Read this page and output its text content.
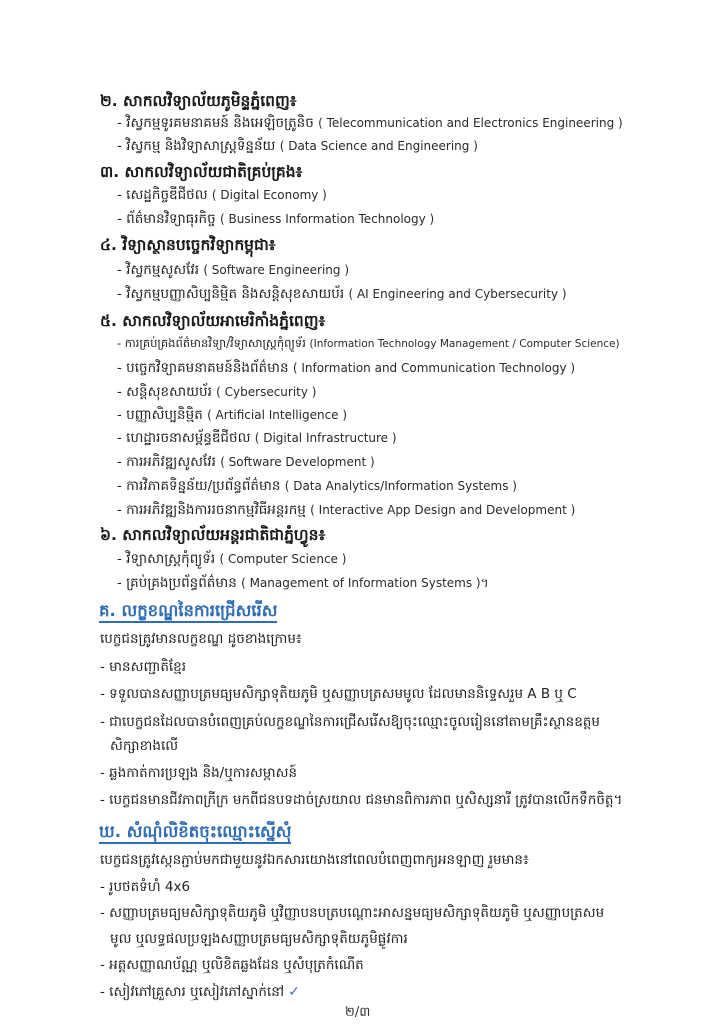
២. សាកលវិទ្យាល័យភូមិន្ទភ្នំពេញ៖
- វិស្វកម្មទូរគមនាគមន៍ និងអេឡិចត្រូនិច ( Telecommunication and Electronics Engineering )
- វិស្វកម្ម និងវិទ្យាសាស្ត្រទិន្នន័យ ( Data Science and Engineering )
៣. សាកលវិទ្យាល័យជាតិគ្រប់គ្រង៖
- សេដ្ឋកិច្ចឌីជីថល ( Digital Economy )
- ព័ត៌មានវិទ្យាធុរកិច្ច ( Business Information Technology )
៤. វិទ្យាស្ថានបច្ចេកវិទ្យាកម្ពុជា៖
- វិស្វកម្មសូសវែរ ( Software Engineering )
- វិស្វកម្មបញ្ញាសិប្បនិម្មិត និងសន្តិសុខសាយប័រ ( AI Engineering and Cybersecurity )
៥. សាកលវិទ្យាល័យអាមេរិកាំងភ្នំពេញ៖
- ការគ្រប់គ្រងព័ត៌មានវិទ្យា/វិទ្យាសាស្ត្រកុំព្យូទ័រ (Information Technology Management / Computer Science)
- បច្ចេកវិទ្យាគមនាគមន៍និងព័ត៌មាន ( Information and Communication Technology )
- សន្តិសុខសាយប័រ ( Cybersecurity )
- បញ្ញាសិប្បនិម្មិត ( Artificial Intelligence )
- ហេដ្ឋារចនាសម្ព័ន្ធឌីជីថល ( Digital Infrastructure )
- ការអភិវឌ្ឍសូសវែរ ( Software Development )
- ការវិភាគទិន្នន័យ/ប្រព័ន្ធព័ត៌មាន ( Data Analytics/Information Systems )
- ការអភិវឌ្ឍនិងការរចនាកម្មវិធីអន្តរកម្ម ( Interactive App Design and Development )
៦. សាកលវិទ្យាល័យអន្តរជាតិជាភ្នំហ្វូន៖
- វិទ្យាសាស្ត្រកុំព្យូទ័រ ( Computer Science )
- គ្រប់គ្រងប្រព័ន្ធព័ត៌មាន ( Management of Information Systems )។
គ. លក្ខខណ្ឌនៃការជ្រើសរើស
បេក្ខជនត្រូវមានលក្ខខណ្ឌ ដូចខាងក្រោម៖
- មានសញ្ជាតិខ្មែរ
- ទទួលបានសញ្ញាបត្រមធ្យមសិក្សាទុតិយភូមិ ឬសញ្ញាបត្រសមមូល ដែលមាននិទ្ទេសរួម A B ឬ C
- ជាបេក្ខជនដែលបានបំពេញគ្រប់លក្ខខណ្ឌនៃការជ្រើសរើសឱ្យចុះឈ្មោះចូលរៀននៅតាមគ្រឹះស្ថានឧត្តម
សិក្សាខាងលើ
- ឆ្លងកាត់ការប្រឡង និង/ឬការសម្ភាសន៍
- បេក្ខជនមានជីវភាពក្រីក្រ មកពីជនបទដាច់ស្រយាល ជនមានពិការភាព ឬសិស្សនារី ត្រូវបានលើកទឹកចិត្ត។
ឃ. សំណុំលិខិតចុះឈ្មោះស្នើសុំ
បេក្ខជនត្រូវស្កេនភ្ជាប់មកជាមួយនូវឯកសារយោងនៅពេលបំពេញពាក្យអនឡាញ រួមមាន៖
- រូបថតទំហំ 4x6
- សញ្ញាបត្រមធ្យមសិក្សាទុតិយភូមិ ឬវិញ្ញាបនបត្របណ្តោះអាសន្នមធ្យមសិក្សាទុតិយភូមិ ឬសញ្ញាបត្រសម
មូល ឬលទ្ធផលប្រឡងសញ្ញាបត្រមធ្យមសិក្សាទុតិយភូមិផ្លូវការ
- អត្តសញ្ញាណប័ណ្ណ ឬលិខិតឆ្លងដែន ឬសំបុត្រកំណើត
- សៀវភៅគ្រួសារ ឬសៀវភៅស្នាក់នៅ ✓
២/៣
